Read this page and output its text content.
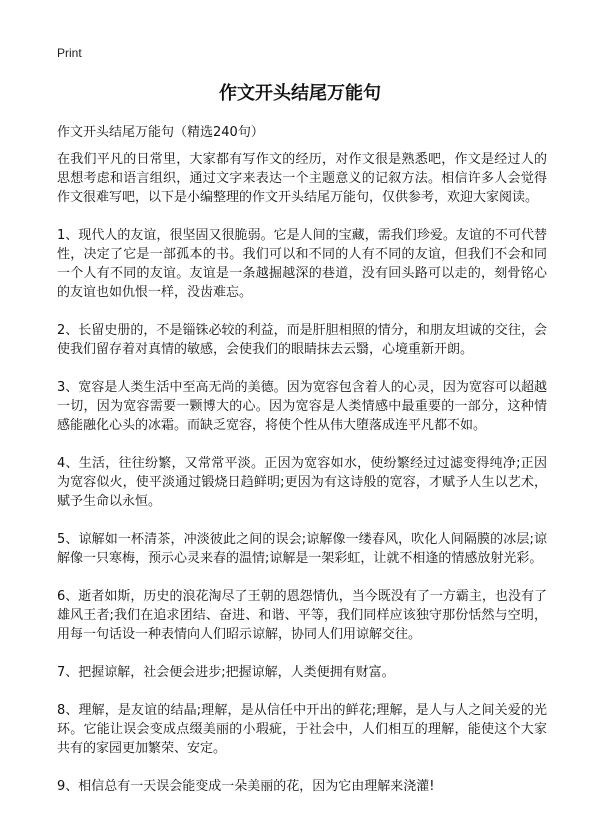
Print
作文开头结尾万能句

作文开头结尾万能句（精选240句）

在我们平凡的日常里，大家都有写作文的经历，对作文很是熟悉吧，作文是经过人的思想考虑和语言组织，通过文字来表达一个主题意义的记叙方法。相信许多人会觉得作文很难写吧，以下是小编整理的作文开头结尾万能句，仅供参考，欢迎大家阅读。

1、现代人的友谊，很坚固又很脆弱。它是人间的宝藏，需我们珍爱。友谊的不可代替性，决定了它是一部孤本的书。我们可以和不同的人有不同的友谊，但我们不会和同一个人有不同的友谊。友谊是一条越掘越深的巷道，没有回头路可以走的，刻骨铭心的友谊也如仇恨一样，没齿难忘。

2、长留史册的，不是锱铢必较的利益，而是肝胆相照的情分，和朋友坦诚的交往，会使我们留存着对真情的敏感，会使我们的眼睛抹去云翳，心境重新开朗。

3、宽容是人类生活中至高无尚的美德。因为宽容包含着人的心灵，因为宽容可以超越一切，因为宽容需要一颗博大的心。因为宽容是人类情感中最重要的一部分，这种情感能融化心头的冰霜。而缺乏宽容，将使个性从伟大堕落成连平凡都不如。

4、生活，往往纷繁，又常常平淡。正因为宽容如水，使纷繁经过过滤变得纯净;正因为宽容似火，使平淡通过锻烧日趋鲜明;更因为有这诗般的宽容，才赋予人生以艺术，赋予生命以永恒。

5、谅解如一杯清茶，冲淡彼此之间的误会;谅解像一缕春风，吹化人间隔膜的冰层;谅解像一只寒梅，预示心灵来春的温情;谅解是一架彩虹，让就不相逢的情感放射光彩。

6、逝者如斯，历史的浪花淘尽了王朝的恩怨情仇，当今既没有了一方霸主，也没有了雄风王者;我们在追求团结、奋进、和谐、平等，我们同样应该独守那份恬然与空明，用每一句话设一种表情向人们昭示谅解，协同人们用谅解交往。

7、把握谅解，社会便会进步;把握谅解，人类便拥有财富。

8、理解，是友谊的结晶;理解，是从信任中开出的鲜花;理解，是人与人之间关爱的光环。它能让误会变成点缀美丽的小瑕疵，于社会中，人们相互的理解，能使这个大家共有的家园更加繁荣、安定。

9、相信总有一天误会能变成一朵美丽的花，因为它由理解来浇灌!
